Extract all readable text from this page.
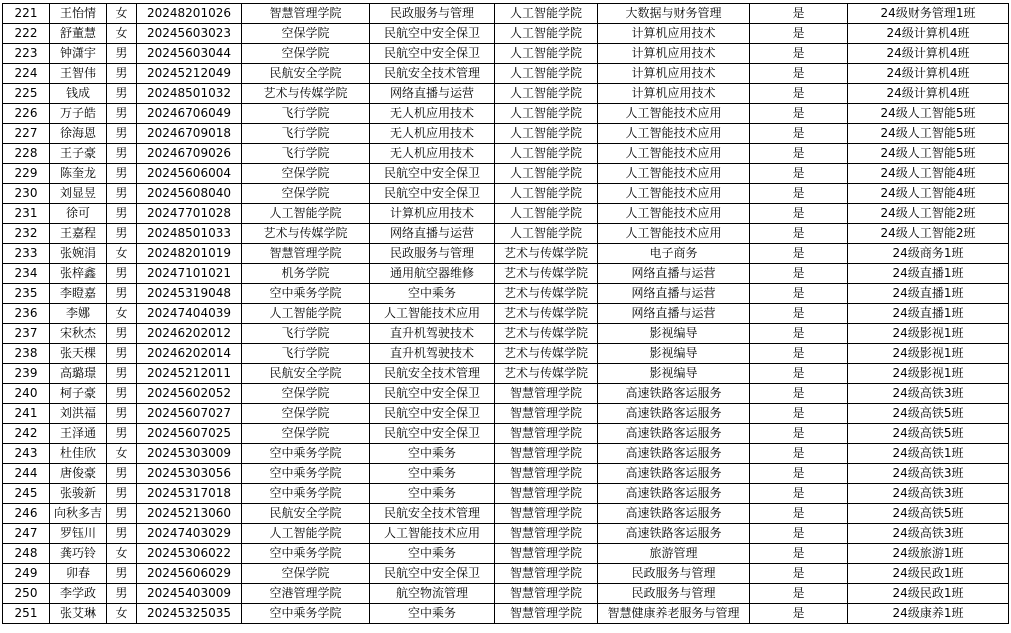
221	王怡情	女	20248201026	智慧管理学院	民政服务与管理	人工智能学院	大数据与财务管理	是	24级财务管理1班
222	舒董慧	女	20245603023	空保学院	民航空中安全保卫	人工智能学院	计算机应用技术	是	24级计算机4班
223	钟潇宇	男	20245603044	空保学院	民航空中安全保卫	人工智能学院	计算机应用技术	是	24级计算机4班
224	王智伟	男	20245212049	民航安全学院	民航安全技术管理	人工智能学院	计算机应用技术	是	24级计算机4班
225	钱成	男	20248501032	艺术与传媒学院	网络直播与运营	人工智能学院	计算机应用技术	是	24级计算机4班
226	万子皓	男	20246706049	飞行学院	无人机应用技术	人工智能学院	人工智能技术应用	是	24级人工智能5班
227	徐海恩	男	20246709018	飞行学院	无人机应用技术	人工智能学院	人工智能技术应用	是	24级人工智能5班
228	王子豪	男	20246709026	飞行学院	无人机应用技术	人工智能学院	人工智能技术应用	是	24级人工智能5班
229	陈奎龙	男	20245606004	空保学院	民航空中安全保卫	人工智能学院	人工智能技术应用	是	24级人工智能4班
230	刘显昱	男	20245608040	空保学院	民航空中安全保卫	人工智能学院	人工智能技术应用	是	24级人工智能4班
231	徐可	男	20247701028	人工智能学院	计算机应用技术	人工智能学院	人工智能技术应用	是	24级人工智能2班
232	王嘉程	男	20248501033	艺术与传媒学院	网络直播与运营	人工智能学院	人工智能技术应用	是	24级人工智能2班
233	张婉涓	女	20248201019	智慧管理学院	民政服务与管理	艺术与传媒学院	电子商务	是	24级商务1班
234	张梓鑫	男	20247101021	机务学院	通用航空器维修	艺术与传媒学院	网络直播与运营	是	24级直播1班
235	李瞪嘉	男	20245319048	空中乘务学院	空中乘务	艺术与传媒学院	网络直播与运营	是	24级直播1班
236	李娜	女	20247404039	人工智能学院	人工智能技术应用	艺术与传媒学院	网络直播与运营	是	24级直播1班
237	宋秋杰	男	20246202012	飞行学院	直升机驾驶技术	艺术与传媒学院	影视编导	是	24级影视1班
238	张天棵	男	20246202014	飞行学院	直升机驾驶技术	艺术与传媒学院	影视编导	是	24级影视1班
239	高璐璟	男	20245212011	民航安全学院	民航安全技术管理	艺术与传媒学院	影视编导	是	24级影视1班
240	柯子豪	男	20245602052	空保学院	民航空中安全保卫	智慧管理学院	高速铁路客运服务	是	24级高铁3班
241	刘洪福	男	20245607027	空保学院	民航空中安全保卫	智慧管理学院	高速铁路客运服务	是	24级高铁5班
242	王泽通	男	20245607025	空保学院	民航空中安全保卫	智慧管理学院	高速铁路客运服务	是	24级高铁5班
243	杜佳欣	女	20245303009	空中乘务学院	空中乘务	智慧管理学院	高速铁路客运服务	是	24级高铁1班
244	唐俊豪	男	20245303056	空中乘务学院	空中乘务	智慧管理学院	高速铁路客运服务	是	24级高铁3班
245	张骏新	男	20245317018	空中乘务学院	空中乘务	智慧管理学院	高速铁路客运服务	是	24级高铁3班
246	向秋多吉	男	20245213060	民航安全学院	民航安全技术管理	智慧管理学院	高速铁路客运服务	是	24级高铁5班
247	罗钰川	男	20247403029	人工智能学院	人工智能技术应用	智慧管理学院	高速铁路客运服务	是	24级高铁3班
248	龚巧铃	女	20245306022	空中乘务学院	空中乘务	智慧管理学院	旅游管理	是	24级旅游1班
249	卯春	男	20245606029	空保学院	民航空中安全保卫	智慧管理学院	民政服务与管理	是	24级民政1班
250	李学政	男	20245403009	空港管理学院	航空物流管理	智慧管理学院	民政服务与管理	是	24级民政1班
251	张艾琳	女	20245325035	空中乘务学院	空中乘务	智慧管理学院	智慧健康养老服务与管理	是	24级康养1班
